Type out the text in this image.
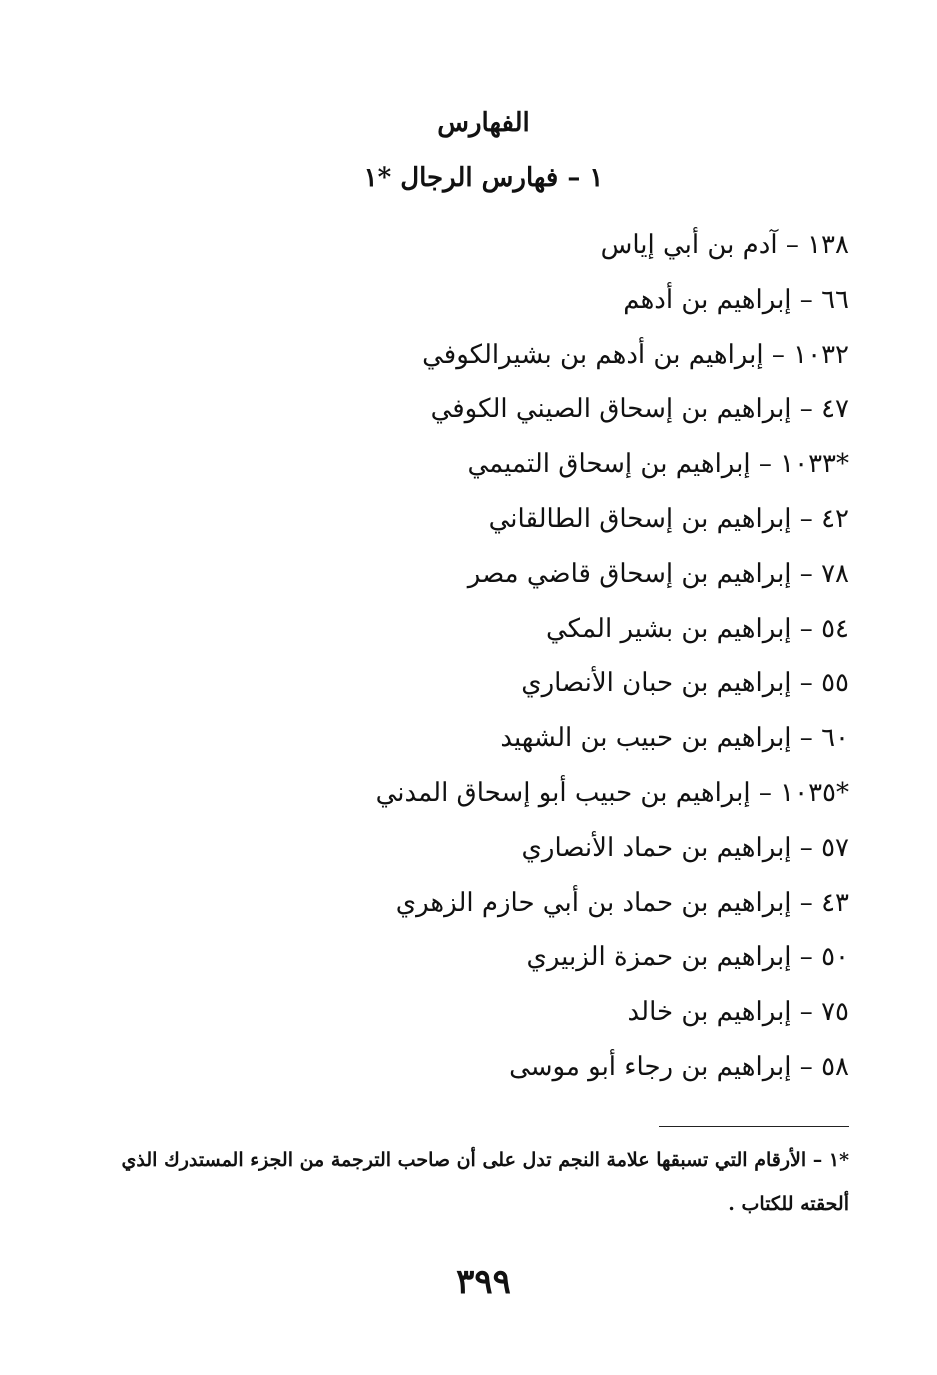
الفهارس
١ – فهارس الرجال *١
١٣٨ – آدم بن أبي إياس
٦٦ – إبراهيم بن أدهم
١٠٣٢ – إبراهيم بن أدهم بن بشيرالكوفي
٤٧ – إبراهيم بن إسحاق الصيني الكوفي
*١٠٣٣ – إبراهيم بن إسحاق التميمي
٤٢ – إبراهيم بن إسحاق الطالقاني
٧٨ – إبراهيم بن إسحاق قاضي مصر
٥٤ – إبراهيم بن بشير المكي
٥٥ – إبراهيم بن حبان الأنصاري
٦٠ – إبراهيم بن حبيب بن الشهيد
*١٠٣٥ – إبراهيم بن حبيب أبو إسحاق المدني
٥٧ – إبراهيم بن حماد الأنصاري
٤٣ – إبراهيم بن حماد بن أبي حازم الزهري
٥٠ – إبراهيم بن حمزة الزبيري
٧٥ – إبراهيم بن خالد
٥٨ – إبراهيم بن رجاء أبو موسى
*١ – الأرقام التي تسبقها علامة النجم تدل على أن صاحب الترجمة من الجزء المستدرك الذي ألحقته للكتاب .
٣٩٩
